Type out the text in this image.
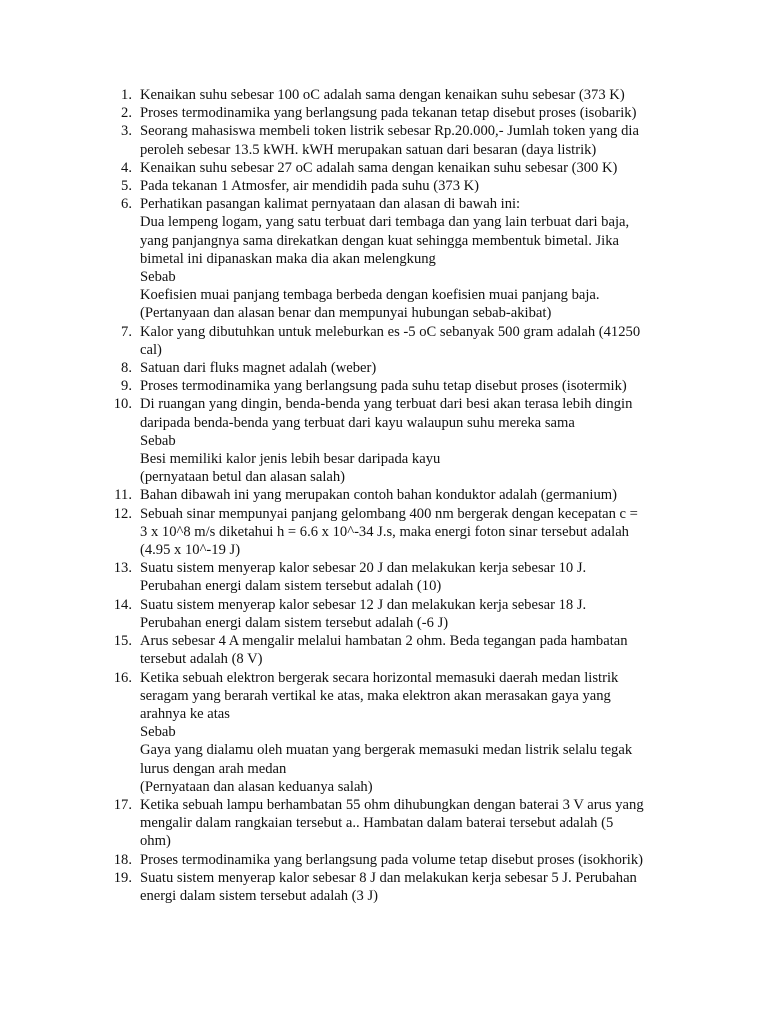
1. Kenaikan suhu sebesar 100 oC adalah sama dengan kenaikan suhu sebesar (373 K)
2. Proses termodinamika yang berlangsung pada tekanan tetap disebut proses (isobarik)
3. Seorang mahasiswa membeli token listrik sebesar Rp.20.000,- Jumlah token yang dia
peroleh sebesar 13.5 kWH. kWH merupakan satuan dari besaran (daya listrik)
4. Kenaikan suhu sebesar 27 oC adalah sama dengan kenaikan suhu sebesar (300 K)
5. Pada tekanan 1 Atmosfer, air mendidih pada suhu (373 K)
6. Perhatikan pasangan kalimat pernyataan dan alasan di bawah ini:
Dua lempeng logam, yang satu terbuat dari tembaga dan yang lain terbuat dari baja,
yang panjangnya sama direkatkan dengan kuat sehingga membentuk bimetal. Jika
bimetal ini dipanaskan maka dia akan melengkung
Sebab
Koefisien muai panjang tembaga berbeda dengan koefisien muai panjang baja.
(Pertanyaan dan alasan benar dan mempunyai hubungan sebab-akibat)
7. Kalor yang dibutuhkan untuk meleburkan es -5 oC sebanyak 500 gram adalah (41250
cal)
8. Satuan dari fluks magnet adalah (weber)
9. Proses termodinamika yang berlangsung pada suhu tetap disebut proses (isotermik)
10. Di ruangan yang dingin, benda-benda yang terbuat dari besi akan terasa lebih dingin
daripada benda-benda yang terbuat dari kayu walaupun suhu mereka sama
Sebab
Besi memiliki kalor jenis lebih besar daripada kayu
(pernyataan betul dan alasan salah)
11. Bahan dibawah ini yang merupakan contoh bahan konduktor adalah (germanium)
12. Sebuah sinar mempunyai panjang gelombang 400 nm bergerak dengan kecepatan c =
3 x 10^8 m/s diketahui h = 6.6 x 10^-34 J.s, maka energi foton sinar tersebut adalah
(4.95 x 10^-19 J)
13. Suatu sistem menyerap kalor sebesar 20 J dan melakukan kerja sebesar 10 J.
Perubahan energi dalam sistem tersebut adalah (10)
14. Suatu sistem menyerap kalor sebesar 12 J dan melakukan kerja sebesar 18 J.
Perubahan energi dalam sistem tersebut adalah (-6 J)
15. Arus sebesar 4 A mengalir melalui hambatan 2 ohm. Beda tegangan pada hambatan
tersebut adalah (8 V)
16. Ketika sebuah elektron bergerak secara horizontal memasuki daerah medan listrik
seragam yang berarah vertikal ke atas, maka elektron akan merasakan gaya yang
arahnya ke atas
Sebab
Gaya yang dialamu oleh muatan yang bergerak memasuki medan listrik selalu tegak
lurus dengan arah medan
(Pernyataan dan alasan keduanya salah)
17. Ketika sebuah lampu berhambatan 55 ohm dihubungkan dengan baterai 3 V arus yang
mengalir dalam rangkaian tersebut a.. Hambatan dalam baterai tersebut adalah (5
ohm)
18. Proses termodinamika yang berlangsung pada volume tetap disebut proses (isokhorik)
19. Suatu sistem menyerap kalor sebesar 8 J dan melakukan kerja sebesar 5 J. Perubahan
energi dalam sistem tersebut adalah (3 J)
